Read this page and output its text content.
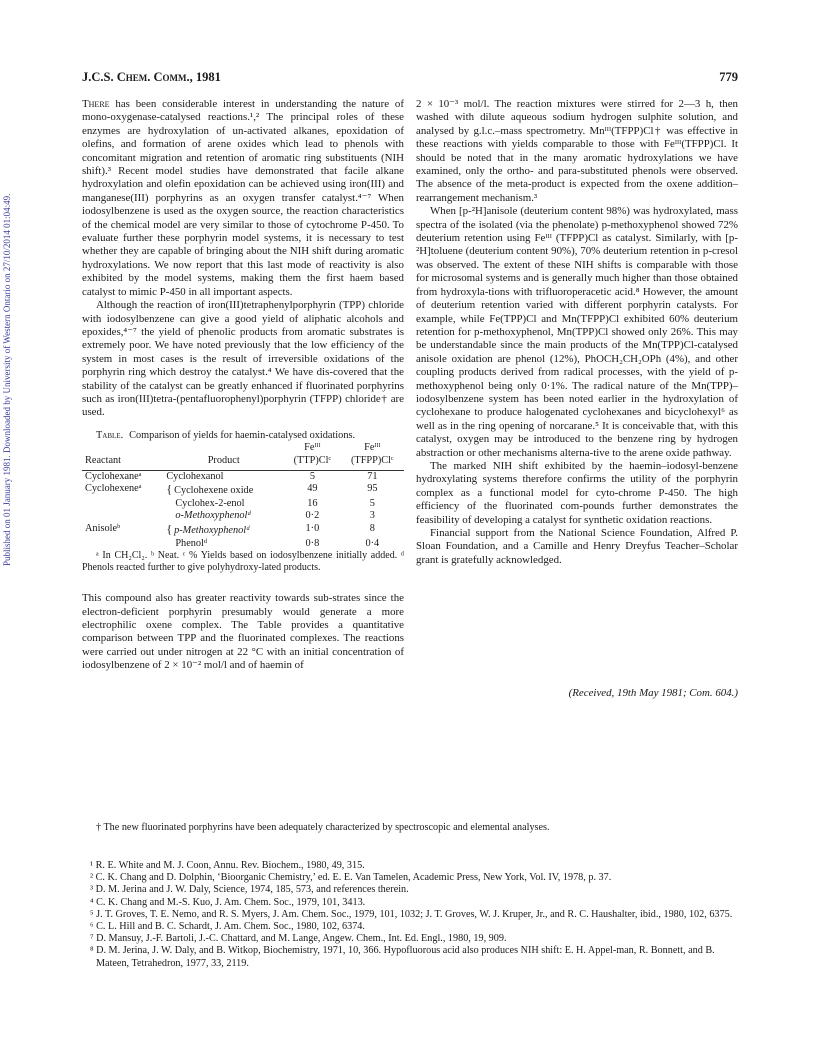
Published on 01 January 1981. Downloaded by University of Western Ontario on 27/10/2014 01:04:49.
J.C.S. Chem. Comm., 1981	779

There has been considerable interest in understanding the nature of mono-oxygenase-catalysed reactions.¹,² The principal roles of these enzymes are hydroxylation of un-activated alkanes, epoxidation of olefins, and formation of arene oxides which lead to phenols with concomitant migration and retention of aromatic ring substituents (NIH shift).³ Recent model studies have demonstrated that facile alkane hydroxylation and olefin epoxidation can be achieved using iron(III) and manganese(III) porphyrins as an oxygen transfer catalyst.⁴⁻⁷ When iodosylbenzene is used as the oxygen source, the reaction characteristics of the chemical model are very similar to those of cytochrome P-450. To evaluate further these porphyrin model systems, it is necessary to test whether they are capable of bringing about the NIH shift during aromatic hydroxylations. We now report that this last mode of reactivity is also exhibited by the model systems, making them the first haem based catalyst to mimic P-450 in all important aspects.

Although the reaction of iron(III)tetraphenylporphyrin (TPP) chloride with iodosylbenzene can give a good yield of aliphatic alcohols and epoxides,⁴⁻⁷ the yield of phenolic products from aromatic substrates is extremely poor. We have noted previously that the low efficiency of the system in most cases is the result of irreversible oxidations of the porphyrin ring which destroy the catalyst.⁴ We have dis-covered that the stability of the catalyst can be greatly enhanced if fluorinated porphyrins such as iron(III)tetra-(pentafluorophenyl)porphyrin (TFPP) chloride† are used.

Table. Comparison of yields for haemin-catalysed oxidations.

		Feᴵᴵᴵ	Feᴵᴵᴵ
Reactant	Product	(TTP)Clᶜ	(TFPP)Clᶜ
Cyclohexaneᵃ	Cyclohexanol	5	71
Cyclohexeneᵃ	{ Cyclohexene oxide	49	95
	Cyclohex-2-enol	16	5
	o-Methoxyphenolᵈ	0·2	3
Anisoleᵇ	{ p-Methoxyphenolᵈ	1·0	8
	Phenolᵈ	0·8	0·4

ᵃ In CH₂Cl₂. ᵇ Neat. ᶜ % Yields based on iodosylbenzene initially added. ᵈ Phenols reacted further to give polyhydroxy-lated products.

This compound also has greater reactivity towards sub-strates since the electron-deficient porphyrin presumably would generate a more electrophilic oxene complex. The Table provides a quantitative comparison between TPP and the fluorinated complexes. The reactions were carried out under nitrogen at 22 °C with an initial concentration of iodosylbenzene of 2 × 10⁻² mol/l and of haemin of

2 × 10⁻³ mol/l. The reaction mixtures were stirred for 2—3 h, then washed with dilute aqueous sodium hydrogen sulphite solution, and analysed by g.l.c.–mass spectrometry. Mnᴵᴵᴵ(TFPP)Cl† was effective in these reactions with yields comparable to those with Feᴵᴵᴵ(TFPP)Cl. It should be noted that in the many aromatic hydroxylations we have examined, only the ortho- and para-substituted phenols were observed. The absence of the meta-product is expected from the oxene addition–rearrangement mechanism.³

When [p-²H]anisole (deuterium content 98%) was hydroxylated, mass spectra of the isolated (via the phenolate) p-methoxyphenol showed 72% deuterium retention using Feᴵᴵᴵ (TFPP)Cl as catalyst. Similarly, with [p-²H]toluene (deuterium content 90%), 70% deuterium retention in p-cresol was observed. The extent of these NIH shifts is comparable with those for microsomal systems and is generally much higher than those obtained from hydroxyla-tions with trifluoroperacetic acid.⁸ However, the amount of deuterium retention varied with different porphyrin catalysts. For example, while Fe(TPP)Cl and Mn(TFPP)Cl exhibited 60% deuterium retention for p-methoxyphenol, Mn(TPP)Cl showed only 26%. This may be understandable since the main products of the Mn(TPP)Cl-catalysed anisole oxidation are phenol (12%), PhOCH₂CH₂OPh (4%), and other coupling products derived from radical processes, with the yield of p-methoxyphenol being only 0·1%. The radical nature of the Mn(TPP)–iodosylbenzene system has been noted earlier in the hydroxylation of cyclohexane to produce halogenated cyclohexanes and bicyclohexyl⁶ as well as in the ring opening of norcarane.⁵ It is conceivable that, with this catalyst, oxygen may be introduced to the benzene ring by hydrogen abstraction or other mechanisms alterna-tive to the arene oxide pathway.

The marked NIH shift exhibited by the haemin–iodosyl-benzene hydroxylating systems therefore confirms the utility of the porphyrin complex as a functional model for cyto-chrome P-450. The high efficiency of the fluorinated com-pounds further demonstrates the feasibility of developing a catalyst for synthetic oxidation reactions.

Financial support from the National Science Foundation, Alfred P. Sloan Foundation, and a Camille and Henry Dreyfus Teacher–Scholar grant is gratefully acknowledged.

(Received, 19th May 1981; Com. 604.)

† The new fluorinated porphyrins have been adequately characterized by spectroscopic and elemental analyses.

¹ R. E. White and M. J. Coon, Annu. Rev. Biochem., 1980, 49, 315.

² C. K. Chang and D. Dolphin, ‘Bioorganic Chemistry,’ ed. E. E. Van Tamelen, Academic Press, New York, Vol. IV, 1978, p. 37.

³ D. M. Jerina and J. W. Daly, Science, 1974, 185, 573, and references therein.

⁴ C. K. Chang and M.-S. Kuo, J. Am. Chem. Soc., 1979, 101, 3413.

⁵ J. T. Groves, T. E. Nemo, and R. S. Myers, J. Am. Chem. Soc., 1979, 101, 1032; J. T. Groves, W. J. Kruper, Jr., and R. C. Haushalter, ibid., 1980, 102, 6375.

⁶ C. L. Hill and B. C. Schardt, J. Am. Chem. Soc., 1980, 102, 6374.

⁷ D. Mansuy, J.-F. Bartoli, J.-C. Chattard, and M. Lange, Angew. Chem., Int. Ed. Engl., 1980, 19, 909.

⁸ D. M. Jerina, J. W. Daly, and B. Witkop, Biochemistry, 1971, 10, 366. Hypofluorous acid also produces NIH shift: E. H. Appel-man, R. Bonnett, and B. Mateen, Tetrahedron, 1977, 33, 2119.
